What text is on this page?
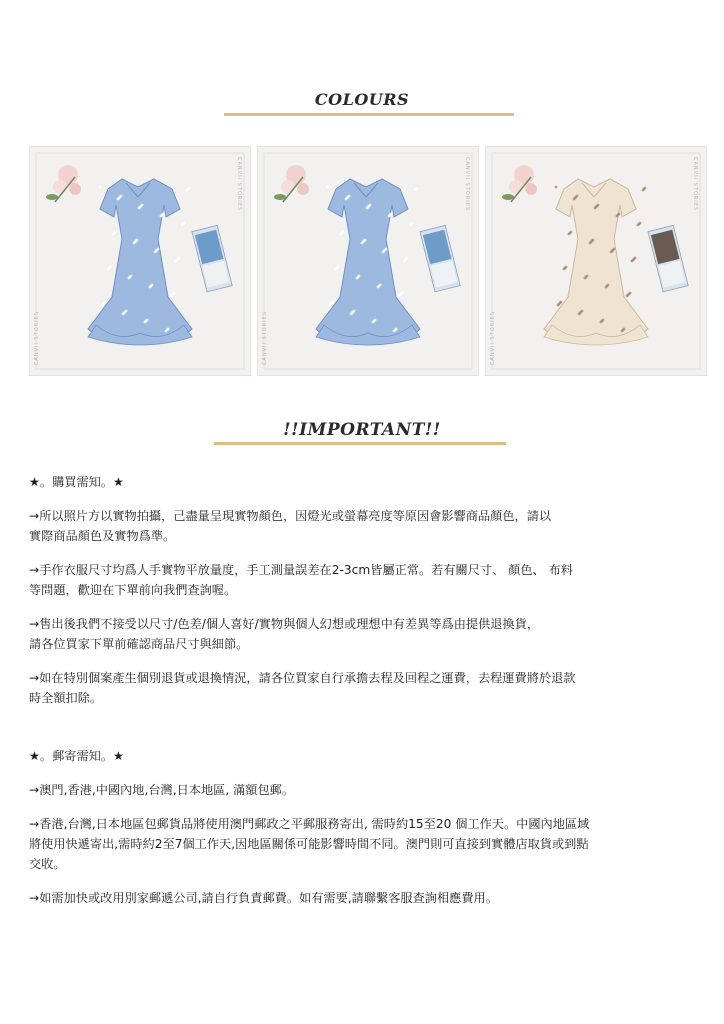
COLOURS
CANVII STORIES
CANVII STORIES
CANVII STORIES
CANVII STORIES
CANVII STORIES
CANVII STORIES
!!IMPORTANT!!

★。購買需知。★

→所以照片方以實物拍攝，己盡量呈現實物顏色，因燈光或螢幕亮度等原因會影響商品顏色，請以
實際商品顏色及實物爲準。

→手作衣服尺寸均爲人手實物平放量度，手工測量誤差在2-3cm皆屬正常。若有關尺寸、 顏色、 布料
等問題，歡迎在下單前向我們查詢喔。

→售出後我們不接受以尺寸/色差/個人喜好/實物與個人幻想或理想中有差異等爲由提供退換貨，
請各位買家下單前確認商品尺寸與細節。

→如在特別個案產生個別退貨或退換情況，請各位買家自行承擔去程及回程之運費，去程運費將於退款
時全額扣除。

★。郵寄需知。★

→澳門,香港,中國內地,台灣,日本地區, 滿額包郵。

→香港,台灣,日本地區包郵貨品將使用澳門郵政之平郵服務寄出, 需時約15至20 個工作天。中國內地區域
將使用快遞寄出,需時約2至7個工作天,因地區關係可能影響時間不同。澳門則可直接到實體店取貨或到點
交收。

→如需加快或改用別家郵遞公司,請自行負責郵費。如有需要,請聯繫客服查詢相應費用。
